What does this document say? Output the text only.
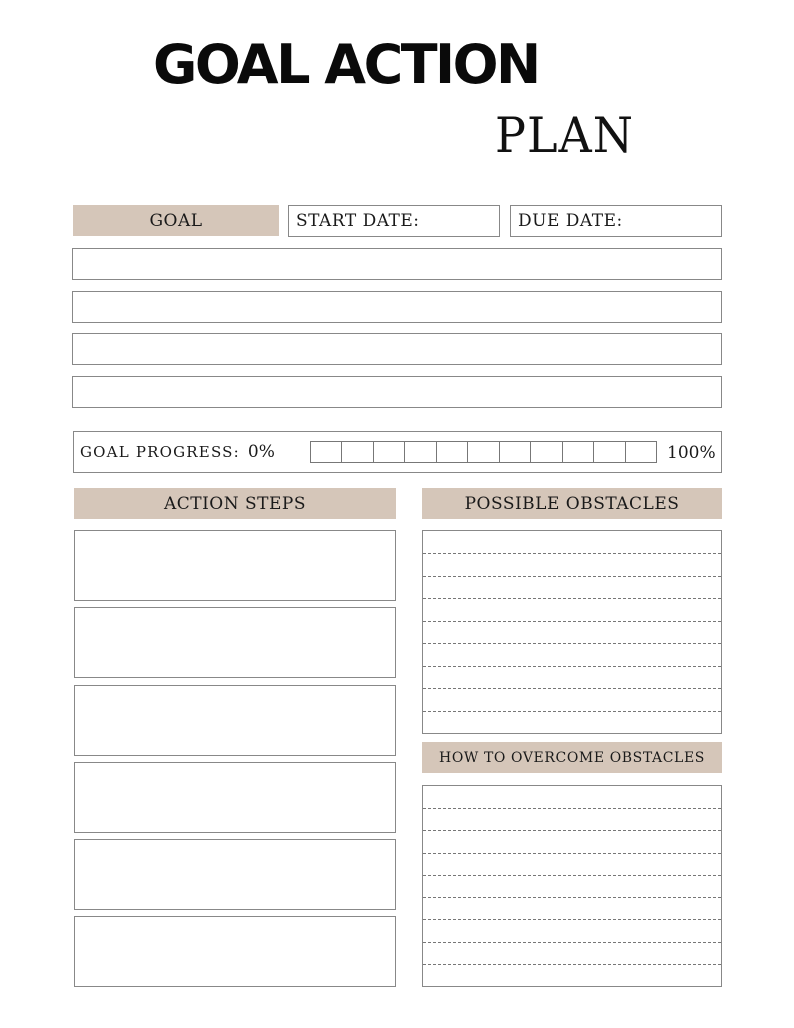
GOAL ACTION
PLAN
GOAL	START DATE:	DUE DATE:
GOAL PROGRESS: 0%	100%
ACTION STEPS	POSSIBLE OBSTACLES
HOW TO OVERCOME OBSTACLES
